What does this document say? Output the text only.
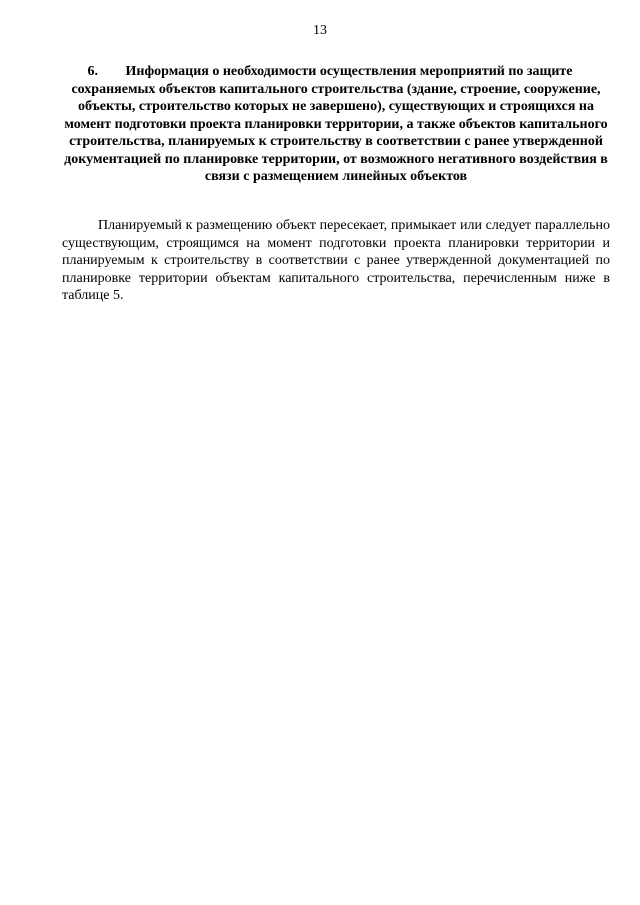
13
6. Информация о необходимости осуществления мероприятий по защите сохраняемых объектов капитального строительства (здание, строение, сооружение, объекты, строительство которых не завершено), существующих и строящихся на момент подготовки проекта планировки территории, а также объектов капитального строительства, планируемых к строительству в соответствии с ранее утвержденной документацией по планировке территории, от возможного негативного воздействия в связи с размещением линейных объектов
Планируемый к размещению объект пересекает, примыкает или следует параллельно существующим, строящимся на момент подготовки проекта планировки территории и планируемым к строительству в соответствии с ранее утвержденной документацией по планировке территории объектам капитального строительства, перечисленным ниже в таблице 5.
